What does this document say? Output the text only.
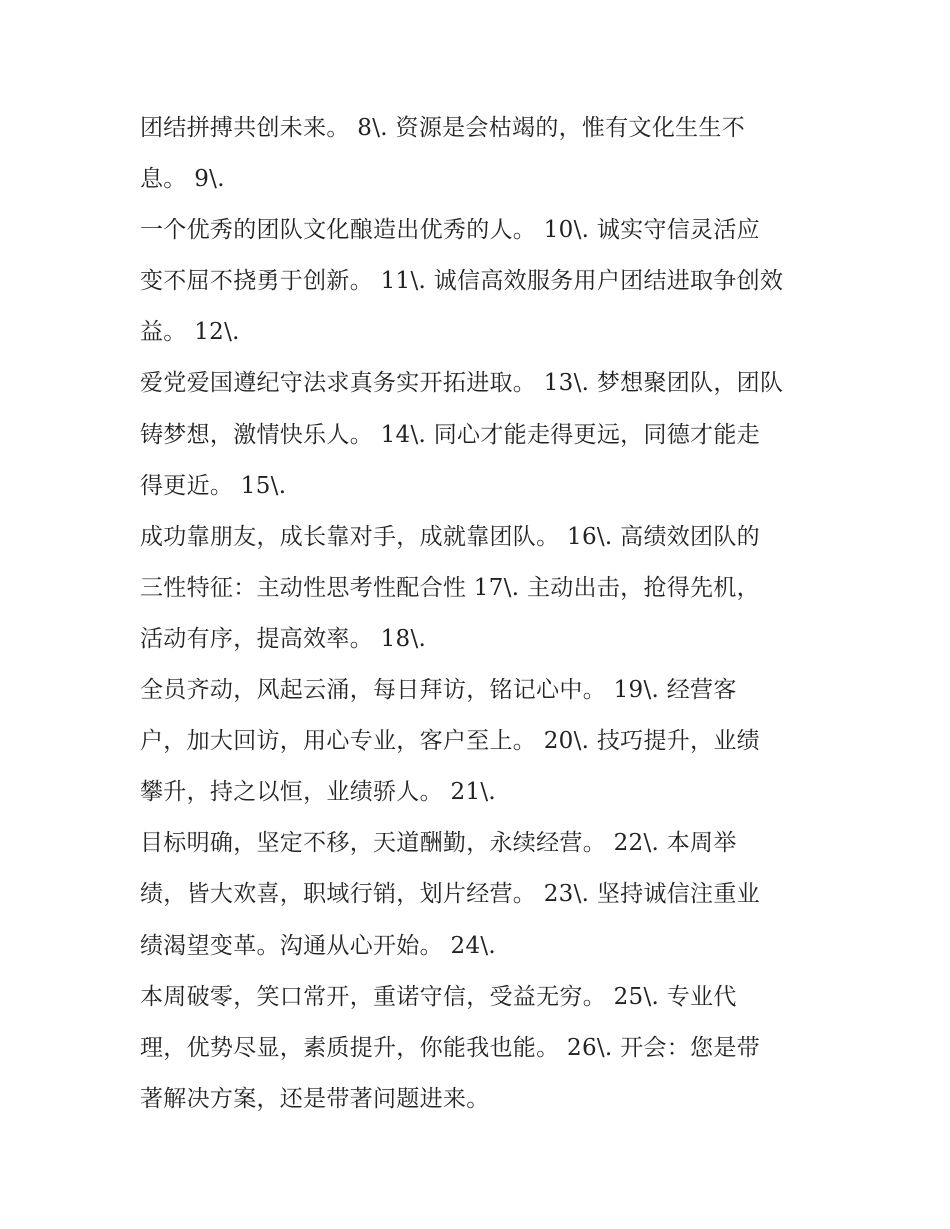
团结拼搏共创未来。 8\. 资源是会枯竭的，惟有文化生生不
息。 9\.
一个优秀的团队文化酿造出优秀的人。 10\. 诚实守信灵活应
变不屈不挠勇于创新。 11\. 诚信高效服务用户团结进取争创效
益。 12\.
爱党爱国遵纪守法求真务实开拓进取。 13\. 梦想聚团队，团队
铸梦想，激情快乐人。 14\. 同心才能走得更远，同德才能走
得更近。 15\.
成功靠朋友，成长靠对手，成就靠团队。 16\. 高绩效团队的
三性特征：主动性思考性配合性 17\. 主动出击，抢得先机，
活动有序，提高效率。 18\.
全员齐动，风起云涌，每日拜访，铭记心中。 19\. 经营客
户，加大回访，用心专业，客户至上。 20\. 技巧提升，业绩
攀升，持之以恒，业绩骄人。 21\.
目标明确，坚定不移，天道酬勤，永续经营。 22\. 本周举
绩，皆大欢喜，职域行销，划片经营。 23\. 坚持诚信注重业
绩渴望变革。沟通从心开始。 24\.
本周破零，笑口常开，重诺守信，受益无穷。 25\. 专业代
理，优势尽显，素质提升，你能我也能。 26\. 开会：您是带
著解决方案，还是带著问题进来。
